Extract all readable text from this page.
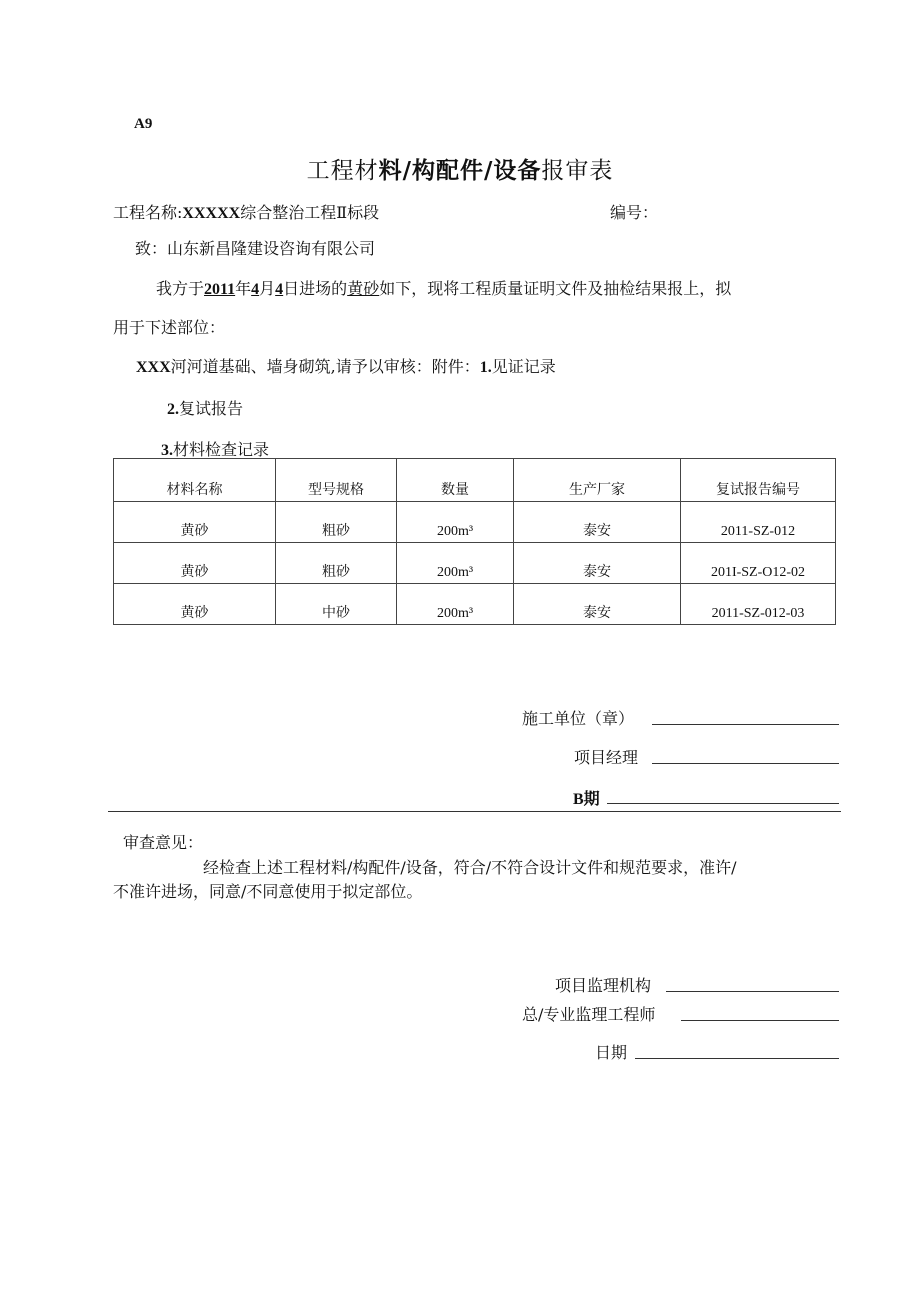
A9
工程材料/构配件/设备报审表
工程名称:XXXXX综合整治工程Ⅱ标段	编号：
致：山东新昌隆建设咨询有限公司
我方于2011年4月4日进场的黄砂如下，现将工程质量证明文件及抽检结果报上，拟
用于下述部位：
XXX河河道基础、墙身砌筑,请予以审核：附件：1.见证记录
2.复试报告
3.材料检查记录
材料名称	型号规格	数量	生产厂家	复试报告编号
黄砂	粗砂	200m³	泰安	2011-SZ-012
黄砂	粗砂	200m³	泰安	201I-SZ-O12-02
黄砂	中砂	200m³	泰安	2011-SZ-012-03
施工单位（章）
项目经理
B期
审查意见：
经检查上述工程材料/构配件/设备，符合/不符合设计文件和规范要求，准许/
不准许进场，同意/不同意使用于拟定部位。
项目监理机构
总/专业监理工程师
日期
